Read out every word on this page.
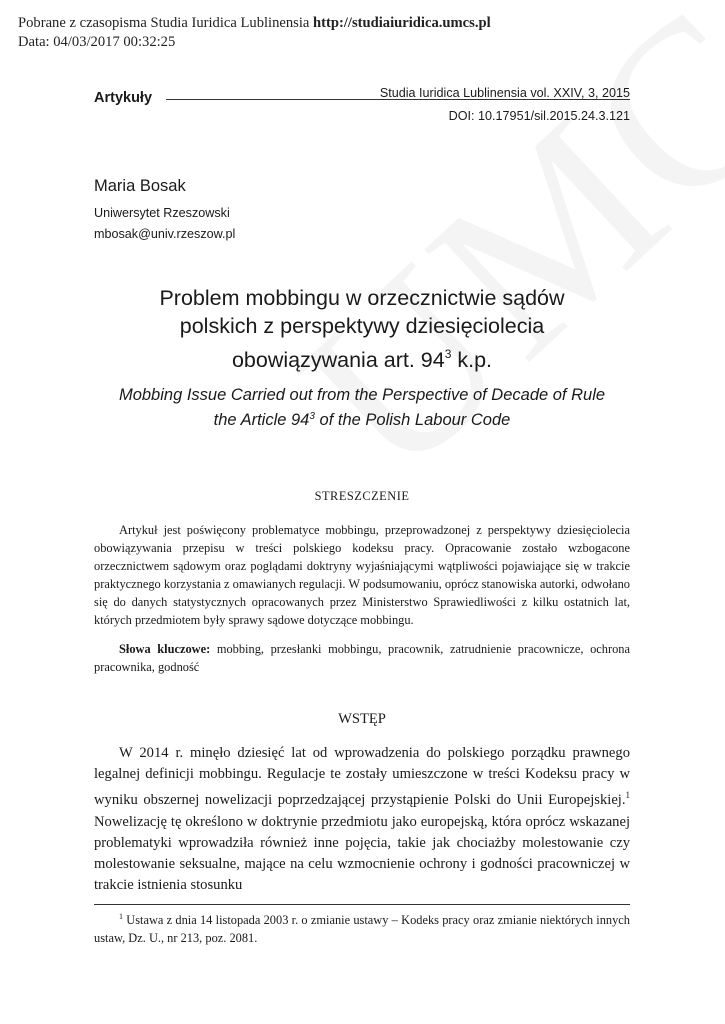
Pobrane z czasopisma Studia Iuridica Lublinensia http://studiaiuridica.umcs.pl
Data: 04/03/2017 00:32:25
Artykuły	Studia Iuridica Lublinensia vol. XXIV, 3, 2015
DOI: 10.17951/sil.2015.24.3.121
Maria Bosak
Uniwersytet Rzeszowski
mbosak@univ.rzeszow.pl
Problem mobbingu w orzecznictwie sądów
polskich z perspektywy dziesięciolecia
obowiązywania art. $94^3$ k.p.
Mobbing Issue Carried out from the Perspective of Decade of Rule
the Article $94^3$ of the Polish Labour Code
STRESZCZENIE
Artykuł jest poświęcony problematyce mobbingu, przeprowadzonej z perspektywy dziesięciolecia obowiązywania przepisu w treści polskiego kodeksu pracy. Opracowanie zostało wzbogacone orzecznictwem sądowym oraz poglądami doktryny wyjaśniającymi wątpliwości pojawiające się w trakcie praktycznego korzystania z omawianych regulacji. W podsumowaniu, oprócz stanowiska autorki, odwołano się do danych statystycznych opracowanych przez Ministerstwo Sprawiedliwości z kilku ostatnich lat, których przedmiotem były sprawy sądowe dotyczące mobbingu.
Słowa kluczowe: mobbing, przesłanki mobbingu, pracownik, zatrudnienie pracownicze, ochrona pracownika, godność
WSTĘP
W 2014 r. minęło dziesięć lat od wprowadzenia do polskiego porządku prawnego legalnej definicji mobbingu. Regulacje te zostały umieszczone w treści Kodeksu pracy w wyniku obszernej nowelizacji poprzedzającej przystąpienie Polski do Unii Europejskiej.$^1$ Nowelizację tę określono w doktrynie przedmiotu jako europejską, która oprócz wskazanej problematyki wprowadziła również inne pojęcia, takie jak chociażby molestowanie czy molestowanie seksualne, mające na celu wzmocnienie ochrony i godności pracowniczej w trakcie istnienia stosunku
$^1$ Ustawa z dnia 14 listopada 2003 r. o zmianie ustawy – Kodeks pracy oraz zmianie niektórych innych ustaw, Dz. U., nr 213, poz. 2081.
